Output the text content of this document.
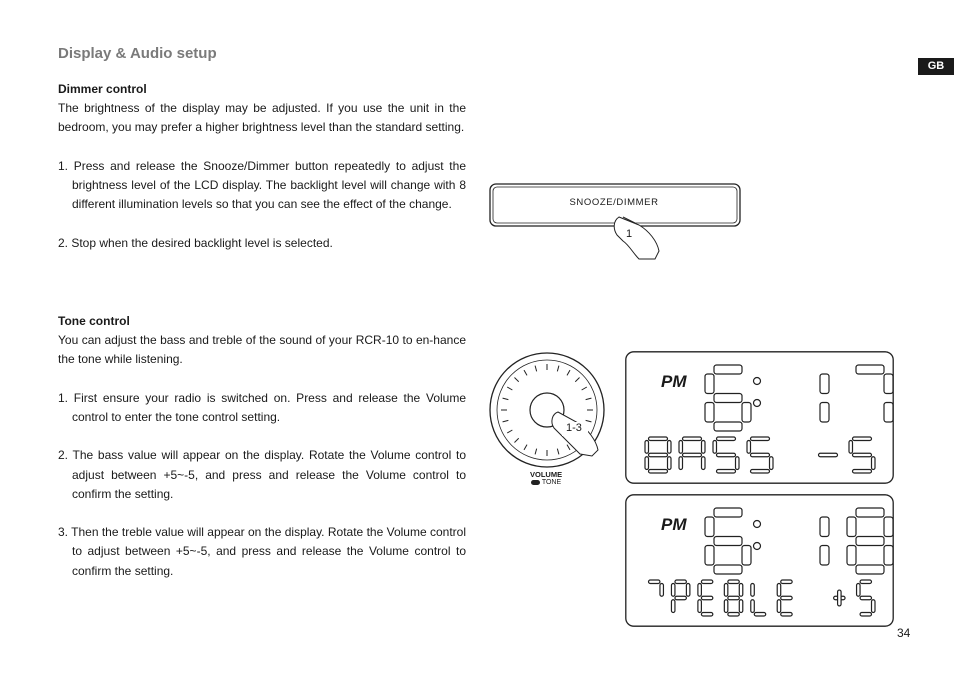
Display & Audio setup
GB
Dimmer control

The brightness of the display may be adjusted. If you use the unit in the bedroom, you may prefer a higher brightness level than the standard setting.

1. Press and release the Snooze/Dimmer button repeatedly to adjust the brightness level of the LCD display. The backlight level will change with 8 different illumination levels so that you can see the effect of the change.

2. Stop when the desired backlight level is selected.

Tone control

You can adjust the bass and treble of the sound of your RCR-10 to en-hance the tone while listening.

1. First ensure your radio is switched on. Press and release the Volume control to enter the tone control setting.

2. The bass value will appear on the display. Rotate the Volume control to adjust between +5~-5, and press and release the Volume control to confirm the setting.

3. Then the treble value will appear on the display. Rotate the Volume control to adjust between +5~-5, and press and release the Volume control to confirm the setting.

SNOOZE/DIMMER
1
1-3
VOLUME
TONE
PM
PM
34
